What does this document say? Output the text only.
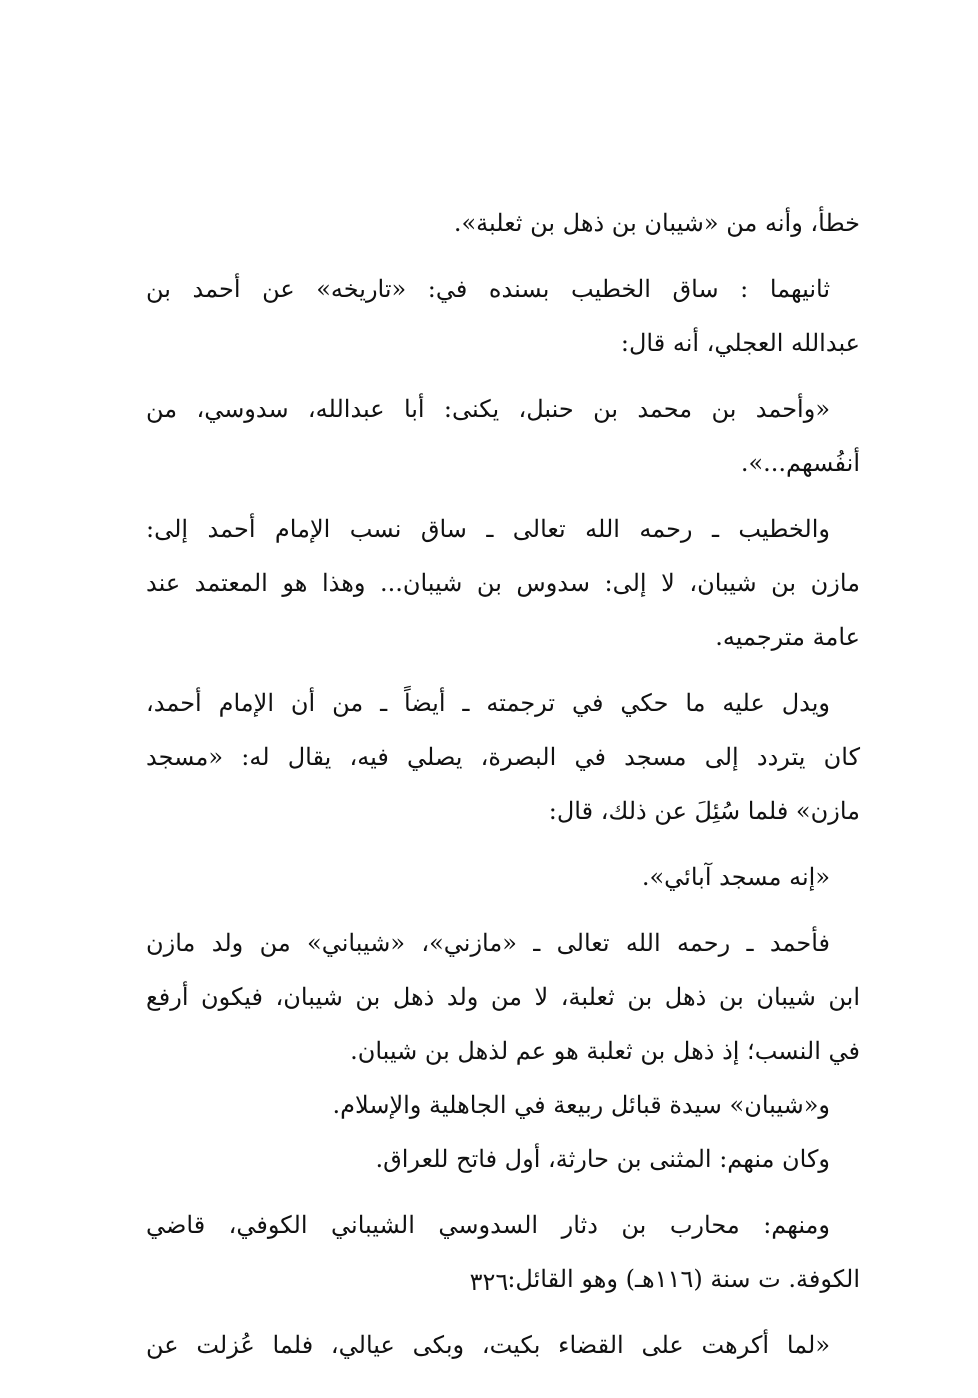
خطأ، وأنه من «شيبان بن ذهل بن ثعلبة».
ثانيهما : ساق الخطيب بسنده في: «تاريخه» عن أحمد بن
عبدالله العجلي، أنه قال:
«وأحمد بن محمد بن حنبل، يكنى: أبا عبدالله، سدوسي، من
أنفُسهم...».
والخطيب ـ رحمه الله تعالى ـ ساق نسب الإمام أحمد إلى:
مازن بن شيبان، لا إلى: سدوس بن شيبان... وهذا هو المعتمد عند
عامة مترجميه.
ويدل عليه ما حكي في ترجمته ـ أيضاً ـ من أن الإمام أحمد،
كان يتردد إلى مسجد في البصرة، يصلي فيه، يقال له: «مسجد
مازن» فلما سُئِلَ عن ذلك، قال:
«إنه مسجد آبائي».
فأحمد ـ رحمه الله تعالى ـ «مازني»، «شيباني» من ولد مازن
ابن شيبان بن ذهل بن ثعلبة، لا من ولد ذهل بن شيبان، فيكون أرفع
في النسب؛ إذ ذهل بن ثعلبة هو عم لذهل بن شيبان.
و«شيبان» سيدة قبائل ربيعة في الجاهلية والإسلام.
وكان منهم: المثنى بن حارثة، أول فاتح للعراق.
ومنهم: محارب بن دثار السدوسي الشيباني الكوفي، قاضي
الكوفة. ت سنة (١١٦هـ) وهو القائل:
«لما أكرهت على القضاء بكيت، وبكى عيالي، فلما عُزلت عن
٣٢٦
